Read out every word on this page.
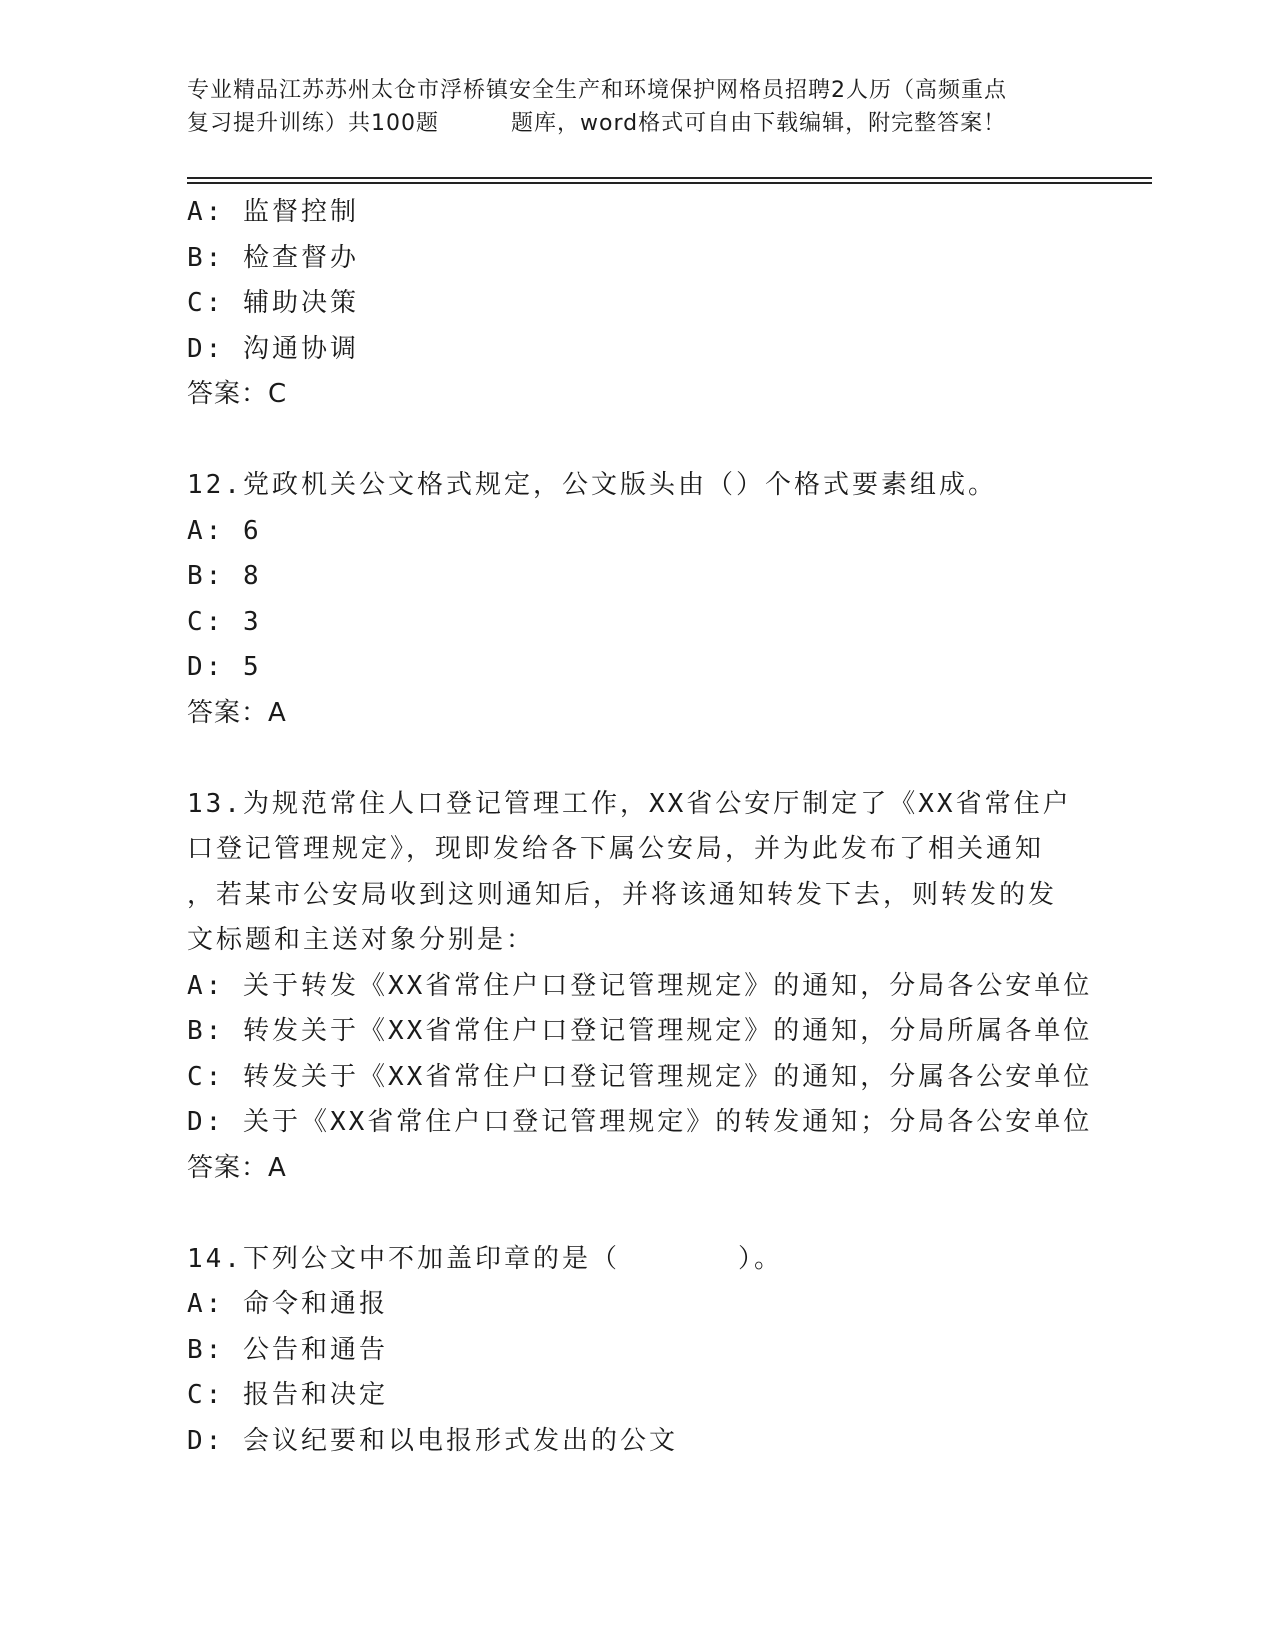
专业精品江苏苏州太仓市浮桥镇安全生产和环境保护网格员招聘2人历（高频重点
复习提升训练）共100题	题库，word格式可自由下载编辑，附完整答案！
A: 监督控制
B: 检查督办
C: 辅助决策
D: 沟通协调
答案：C
12.党政机关公文格式规定，公文版头由（）个格式要素组成。
A: 6
B: 8
C: 3
D: 5
答案：A
13.为规范常住人口登记管理工作，XX省公安厅制定了《XX省常住户
口登记管理规定》，现即发给各下属公安局，并为此发布了相关通知
，若某市公安局收到这则通知后，并将该通知转发下去，则转发的发
文标题和主送对象分别是：
A: 关于转发《XX省常住户口登记管理规定》的通知，分局各公安单位
B: 转发关于《XX省常住户口登记管理规定》的通知，分局所属各单位
C: 转发关于《XX省常住户口登记管理规定》的通知，分属各公安单位
D: 关于《XX省常住户口登记管理规定》的转发通知；分局各公安单位
答案：A
14.下列公文中不加盖印章的是（	）。
A: 命令和通报
B: 公告和通告
C: 报告和决定
D: 会议纪要和以电报形式发出的公文
